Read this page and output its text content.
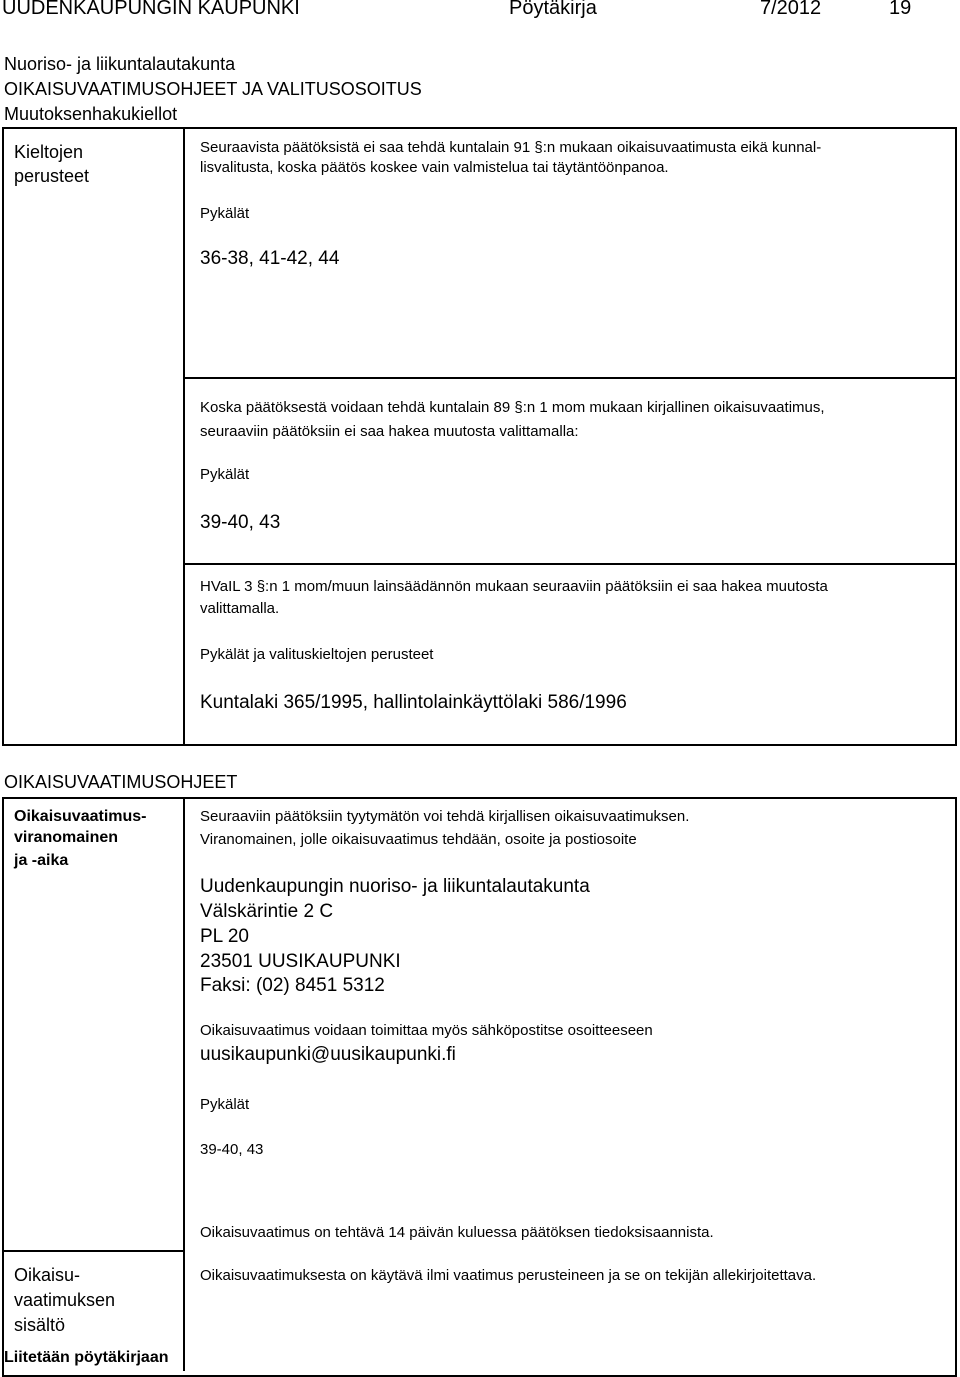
UUDENKAUPUNGIN KAUPUNKI	Pöytäkirja	7/2012	19
Nuoriso- ja liikuntalautakunta
OIKAISUVAATIMUSOHJEET JA VALITUSOSOITUS
Muutoksenhakukiellot
Kieltojen
perusteet
Seuraavista päätöksistä ei saa tehdä kuntalain 91 §:n mukaan oikaisuvaatimusta eikä kunnal-
lisvalitusta, koska päätös koskee vain valmistelua tai täytäntöönpanoa.
Pykälät
36-38, 41-42, 44
Koska päätöksestä voidaan tehdä kuntalain 89 §:n 1 mom mukaan kirjallinen oikaisuvaatimus,
seuraaviin päätöksiin ei saa hakea muutosta valittamalla:
Pykälät
39-40, 43
HVaIL 3 §:n 1 mom/muun lainsäädännön mukaan seuraaviin päätöksiin ei saa hakea muutosta
valittamalla.
Pykälät ja valituskieltojen perusteet
Kuntalaki 365/1995, hallintolainkäyttölaki 586/1996
OIKAISUVAATIMUSOHJEET
Oikaisuvaatimus-
viranomainen
ja -aika
Seuraaviin päätöksiin tyytymätön voi tehdä kirjallisen oikaisuvaatimuksen.
Viranomainen, jolle oikaisuvaatimus tehdään, osoite ja postiosoite
Uudenkaupungin nuoriso- ja liikuntalautakunta
Välskärintie 2 C
PL 20
23501 UUSIKAUPUNKI
Faksi: (02) 8451 5312
Oikaisuvaatimus voidaan toimittaa myös sähköpostitse osoitteeseen
uusikaupunki@uusikaupunki.fi
Pykälät
39-40, 43
Oikaisuvaatimus on tehtävä 14 päivän kuluessa päätöksen tiedoksisaannista.
Oikaisu-
vaatimuksen
sisältö
Oikaisuvaatimuksesta on käytävä ilmi vaatimus perusteineen ja se on tekijän allekirjoitettava.
Liitetään pöytäkirjaan
